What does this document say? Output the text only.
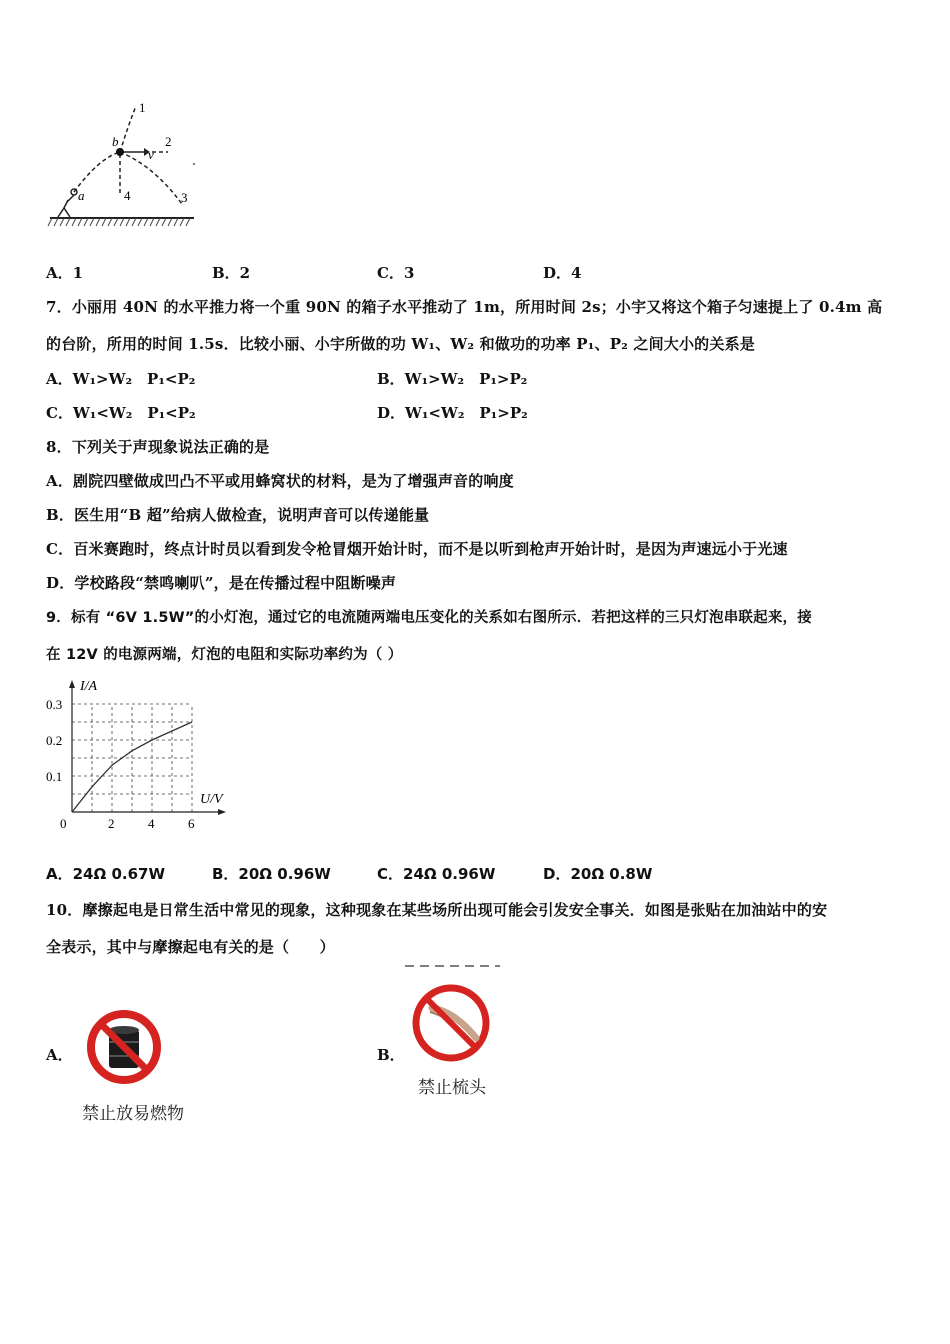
1
b	2
v
4	3
a
A．1	B．2	C．3	D．4
7．小丽用 40N 的水平推力将一个重 90N 的箱子水平推动了 1m，所用时间 2s；小宇又将这个箱子匀速提上了 0.4m 高
的台阶，所用的时间 1.5s．比较小丽、小宇所做的功 W₁、W₂ 和做功的功率 P₁、P₂ 之间大小的关系是
A．W₁>W₂　P₁<P₂	B．W₁>W₂　P₁>P₂
C．W₁<W₂　P₁<P₂	D．W₁<W₂　P₁>P₂
8．下列关于声现象说法正确的是
A．剧院四壁做成凹凸不平或用蜂窝状的材料，是为了增强声音的响度
B．医生用“B 超”给病人做检查，说明声音可以传递能量
C．百米赛跑时，终点计时员以看到发令枪冒烟开始计时，而不是以听到枪声开始计时，是因为声速远小于光速
D．学校路段“禁鸣喇叭”，是在传播过程中阻断噪声
9．标有 “6V 1.5W”的小灯泡，通过它的电流随两端电压变化的关系如右图所示．若把这样的三只灯泡串联起来，接
在 12V 的电源两端，灯泡的电阻和实际功率约为（ ）
I/A
U/V
0	2	4	6
0.1
0.2
0.3
A．24Ω 0.67W	B．20Ω 0.96W	C．24Ω 0.96W	D．20Ω 0.8W
10．摩擦起电是日常生活中常见的现象，这种现象在某些场所出现可能会引发安全事关．如图是张贴在加油站中的安
全表示，其中与摩擦起电有关的是（　　）
A．
禁止放易燃物
B．
禁止梳头
